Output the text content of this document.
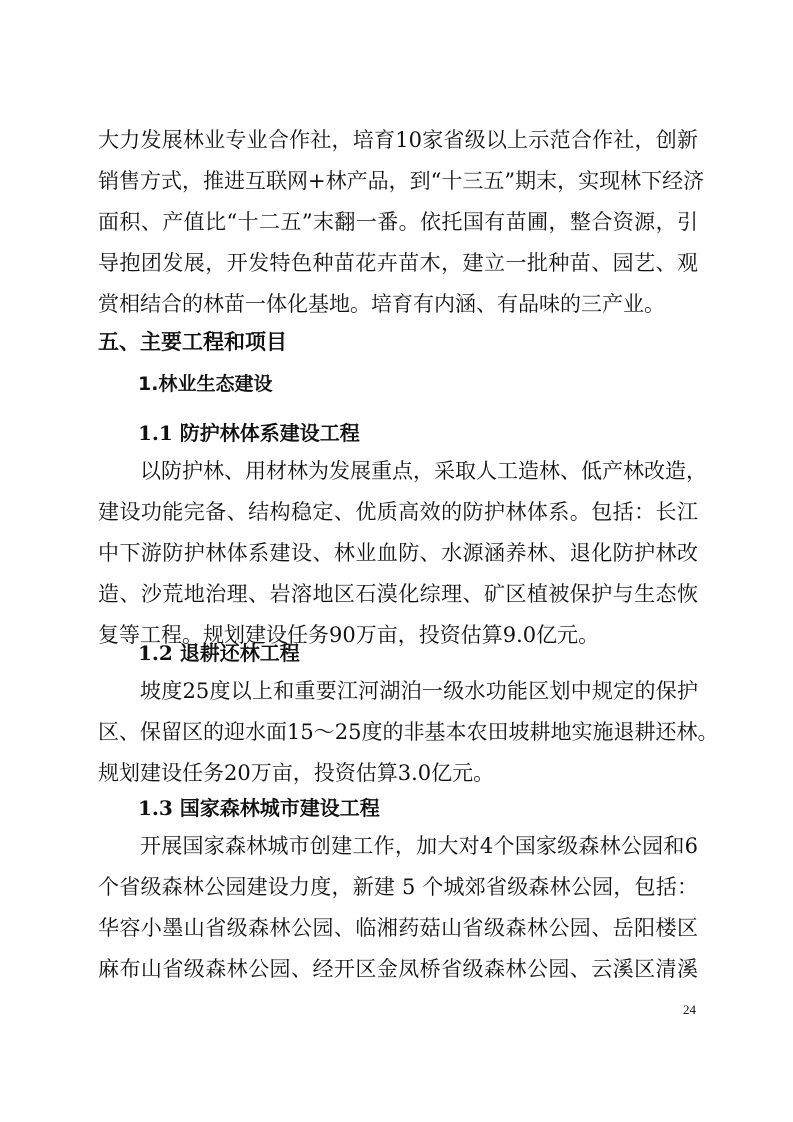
大力发展林业专业合作社，培育10家省级以上示范合作社，创新
销售方式，推进互联网+林产品，到“十三五”期末，实现林下经济
面积、产值比“十二五”末翻一番。依托国有苗圃，整合资源，引
导抱团发展，开发特色种苗花卉苗木，建立一批种苗、园艺、观
赏相结合的林苗一体化基地。培育有内涵、有品味的三产业。
五、主要工程和项目
1.林业生态建设
1.1 防护林体系建设工程
以防护林、用材林为发展重点，采取人工造林、低产林改造，
建设功能完备、结构稳定、优质高效的防护林体系。包括：长江
中下游防护林体系建设、林业血防、水源涵养林、退化防护林改
造、沙荒地治理、岩溶地区石漠化综理、矿区植被保护与生态恢
复等工程。规划建设任务90万亩，投资估算9.0亿元。
1.2 退耕还林工程
坡度25度以上和重要江河湖泊一级水功能区划中规定的保护
区、保留区的迎水面15～25度的非基本农田坡耕地实施退耕还林。
规划建设任务20万亩，投资估算3.0亿元。
1.3 国家森林城市建设工程
开展国家森林城市创建工作，加大对4个国家级森林公园和6
个省级森林公园建设力度，新建 5 个城郊省级森林公园，包括：
华容小墨山省级森林公园、临湘药菇山省级森林公园、岳阳楼区
麻布山省级森林公园、经开区金凤桥省级森林公园、云溪区清溪
24
